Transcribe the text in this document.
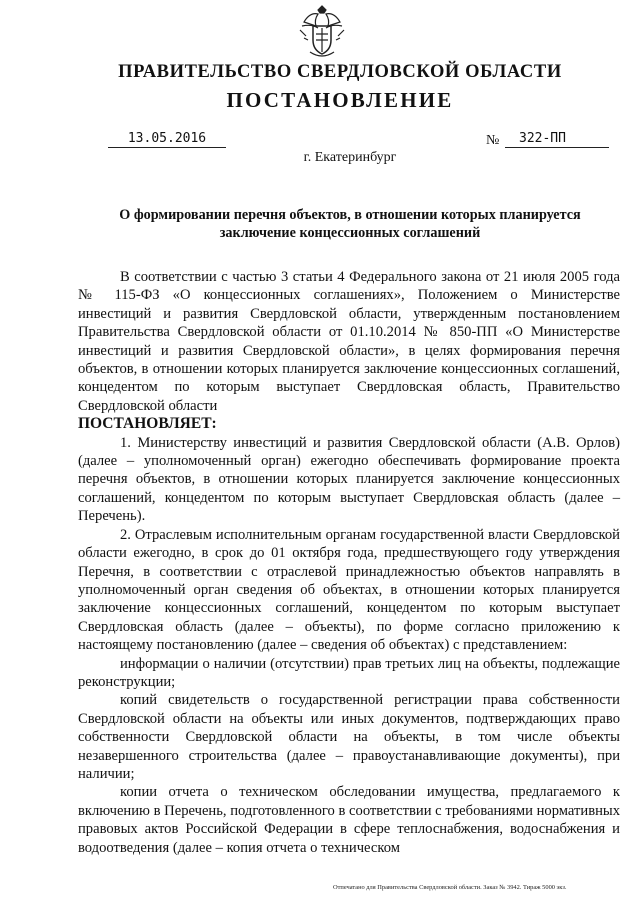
ПРАВИТЕЛЬСТВО СВЕРДЛОВСКОЙ ОБЛАСТИ
ПОСТАНОВЛЕНИЕ
13.05.2016	№	322-ПП
г. Екатеринбург
О формировании перечня объектов, в отношении которых планируется заключение концессионных соглашений

В соответствии с частью 3 статьи 4 Федерального закона от 21 июля 2005 года № 115-ФЗ «О концессионных соглашениях», Положением о Министерстве инвестиций и развития Свердловской области, утвержденным постановлением Правительства Свердловской области от 01.10.2014 № 850-ПП «О Министерстве инвестиций и развития Свердловской области», в целях формирования перечня объектов, в отношении которых планируется заключение концессионных соглашений, концедентом по которым выступает Свердловская область, Правительство Свердловской области

ПОСТАНОВЛЯЕТ:

1. Министерству инвестиций и развития Свердловской области (А.В. Орлов) (далее – уполномоченный орган) ежегодно обеспечивать формирование проекта перечня объектов, в отношении которых планируется заключение концессионных соглашений, концедентом по которым выступает Свердловская область (далее – Перечень).

2. Отраслевым исполнительным органам государственной власти Свердловской области ежегодно, в срок до 01 октября года, предшествующего году утверждения Перечня, в соответствии с отраслевой принадлежностью объектов направлять в уполномоченный орган сведения об объектах, в отношении которых планируется заключение концессионных соглашений, концедентом по которым выступает Свердловская область (далее – объекты), по форме согласно приложению к настоящему постановлению (далее – сведения об объектах) с представлением:

информации о наличии (отсутствии) прав третьих лиц на объекты, подлежащие реконструкции;

копий свидетельств о государственной регистрации права собственности Свердловской области на объекты или иных документов, подтверждающих право собственности Свердловской области на объекты, в том числе объекты незавершенного строительства (далее – правоустанавливающие документы), при наличии;

копии отчета о техническом обследовании имущества, предлагаемого к включению в Перечень, подготовленного в соответствии с требованиями нормативных правовых актов Российской Федерации в сфере теплоснабжения, водоснабжения и водоотведения (далее – копия отчета о техническом

Отпечатано для Правительства Свердловской области. Заказ № 3942. Тираж 5000 экз.
